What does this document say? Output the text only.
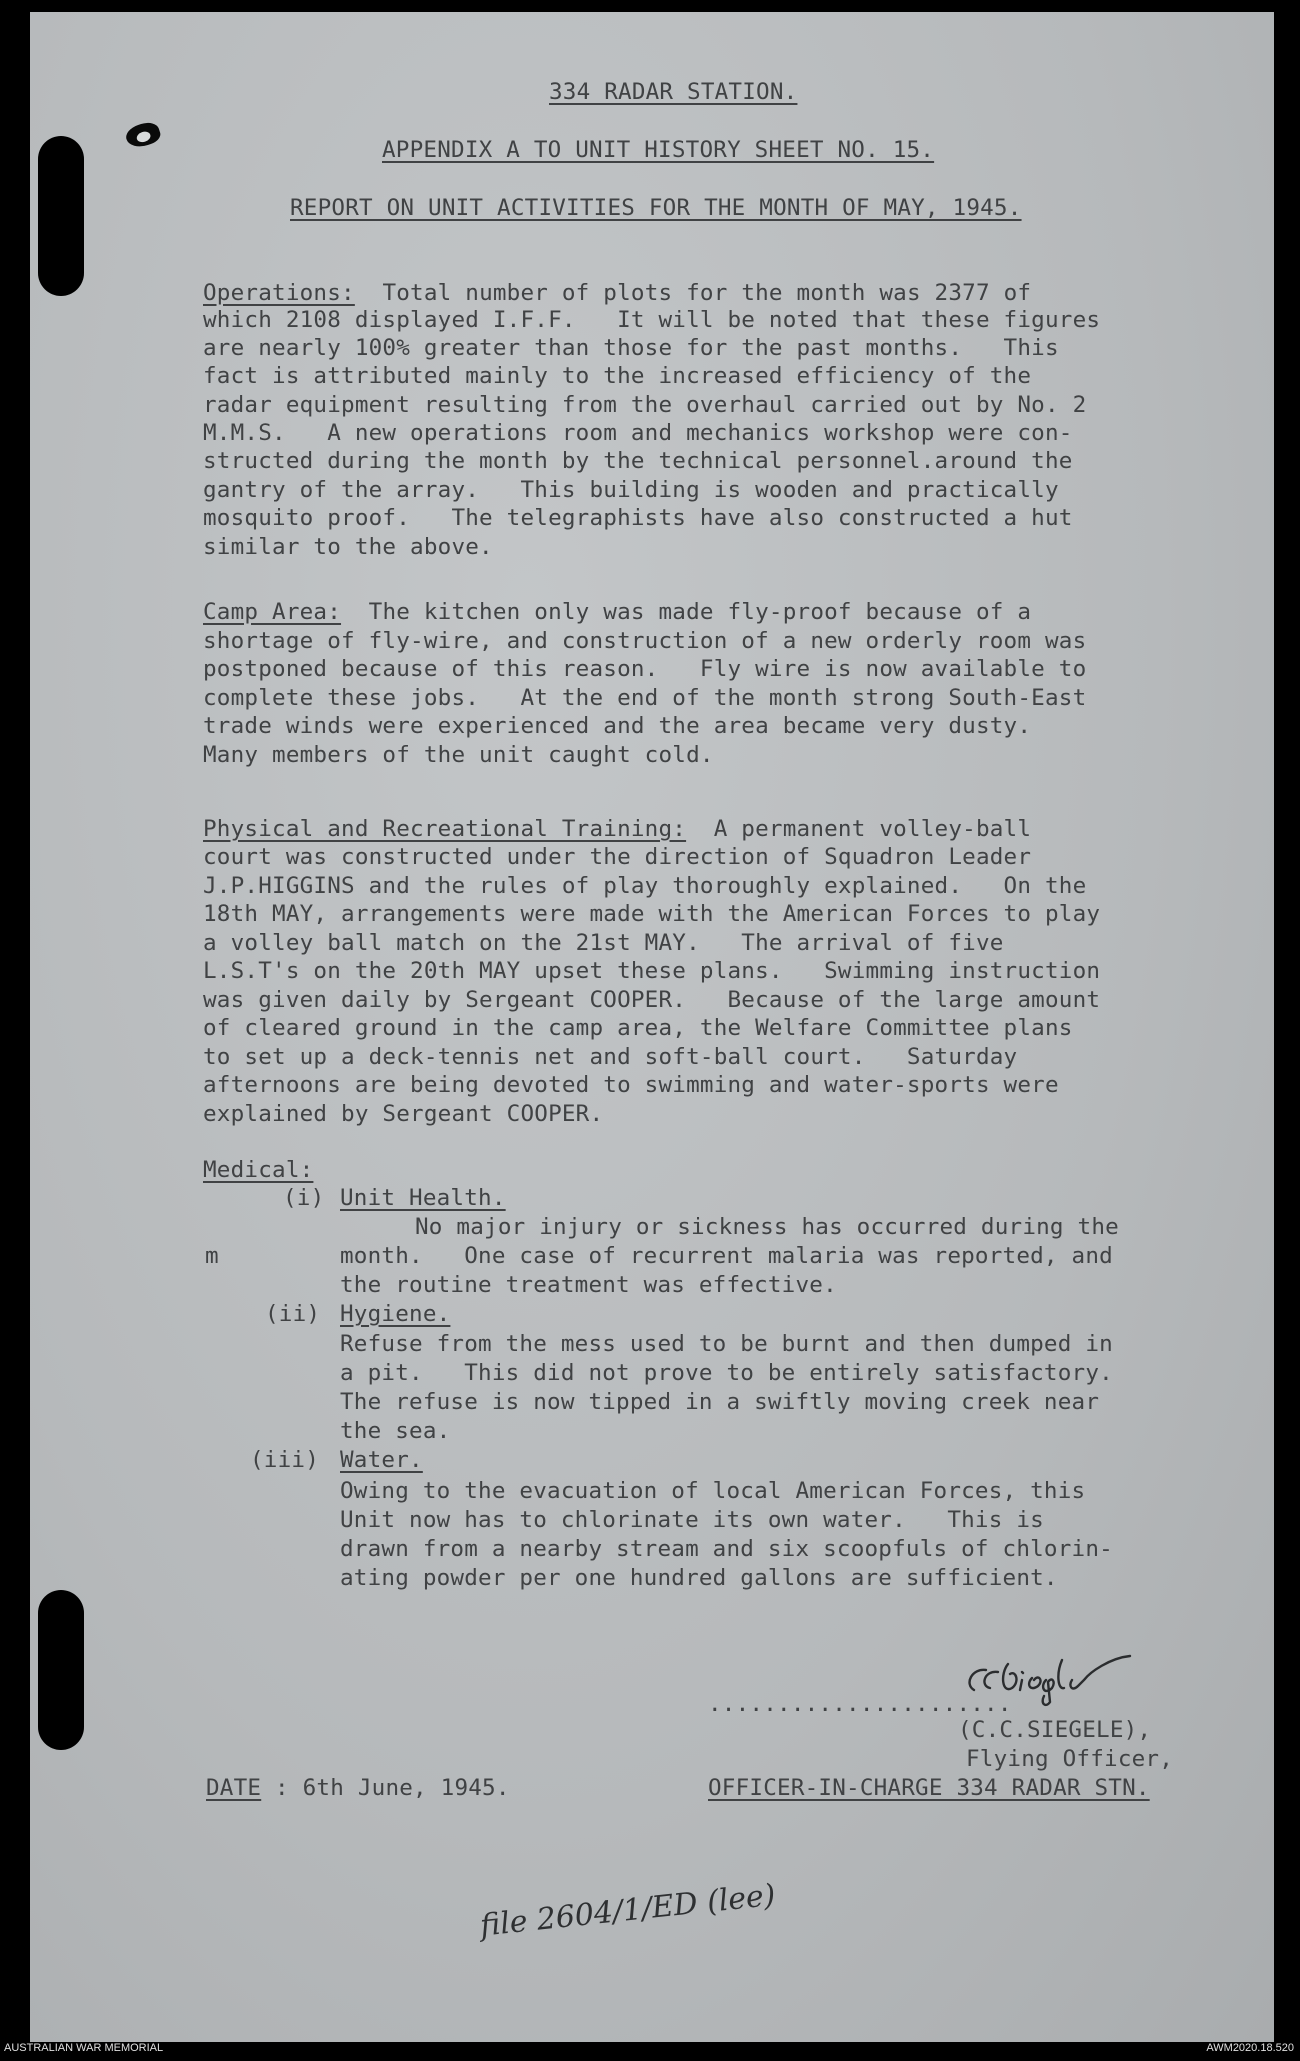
334 RADAR STATION.
APPENDIX A TO UNIT HISTORY SHEET NO. 15.
REPORT ON UNIT ACTIVITIES FOR THE MONTH OF MAY, 1945.
Operations:  Total number of plots for the month was 2377 of
which 2108 displayed I.F.F.   It will be noted that these figures
are nearly 100% greater than those for the past months.   This
fact is attributed mainly to the increased efficiency of the
radar equipment resulting from the overhaul carried out by No. 2
M.M.S.   A new operations room and mechanics workshop were con-
structed during the month by the technical personnel.around the
gantry of the array.   This building is wooden and practically
mosquito proof.   The telegraphists have also constructed a hut
similar to the above.
Camp Area:  The kitchen only was made fly-proof because of a
shortage of fly-wire, and construction of a new orderly room was
postponed because of this reason.   Fly wire is now available to
complete these jobs.   At the end of the month strong South-East
trade winds were experienced and the area became very dusty.
Many members of the unit caught cold.
Physical and Recreational Training:  A permanent volley-ball
court was constructed under the direction of Squadron Leader
J.P.HIGGINS and the rules of play thoroughly explained.   On the
18th MAY, arrangements were made with the American Forces to play
a volley ball match on the 21st MAY.   The arrival of five
L.S.T's on the 20th MAY upset these plans.   Swimming instruction
was given daily by Sergeant COOPER.   Because of the large amount
of cleared ground in the camp area, the Welfare Committee plans
to set up a deck-tennis net and soft-ball court.   Saturday
afternoons are being devoted to swimming and water-sports were
explained by Sergeant COOPER.
Medical:
(i) Unit Health.
No major injury or sickness has occurred during the
m	month.   One case of recurrent malaria was reported, and
the routine treatment was effective.
(ii) Hygiene.
Refuse from the mess used to be burnt and then dumped in
a pit.   This did not prove to be entirely satisfactory.
The refuse is now tipped in a swiftly moving creek near
the sea.
(iii) Water.
Owing to the evacuation of local American Forces, this
Unit now has to chlorinate its own water.   This is
drawn from a nearby stream and six scoopfuls of chlorin-
ating powder per one hundred gallons are sufficient.
......................
(C.C.SIEGELE),
Flying Officer,
DATE : 6th June, 1945.	OFFICER-IN-CHARGE 334 RADAR STN.
file 2604/1/ED (lee)
AUSTRALIAN WAR MEMORIAL	AWM2020.18.520
